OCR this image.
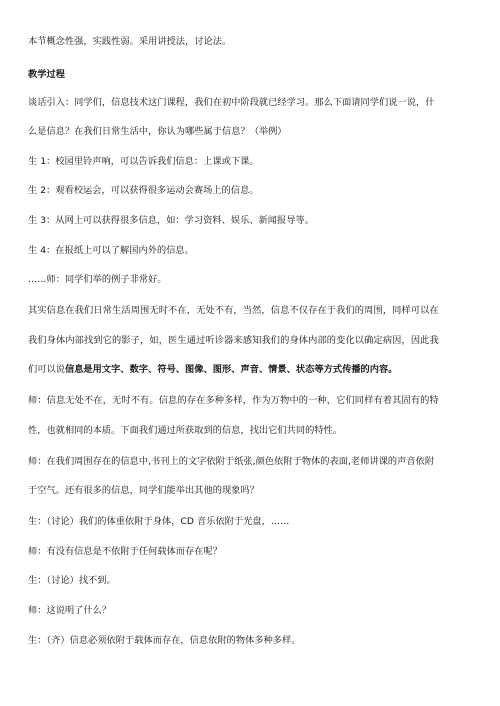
本节概念性强，实践性弱。采用讲授法，讨论法。
教学过程
谈话引入：同学们，信息技术这门课程，我们在初中阶段就已经学习。那么下面请同学们说一说，什
么是信息？在我们日常生活中，你认为哪些属于信息？（举例）
生 1：校园里铃声响，可以告诉我们信息：上课或下课。
生 2：观看校运会，可以获得很多运动会赛场上的信息。
生 3：从网上可以获得很多信息，如：学习资料、娱乐、新闻报导等。
生 4：在报纸上可以了解国内外的信息。
……师：同学们举的例子非常好。
其实信息在我们日常生活周围无时不在，无处不有，当然，信息不仅存在于我们的周围，同样可以在
我们身体内部找到它的影子，如，医生通过听诊器来感知我们的身体内部的变化以确定病因，因此我
们可以说信息是用文字、数字、符号、图像、图形、声音、情景、状态等方式传播的内容。
师：信息无处不在，无时不有。信息的存在多种多样，作为万物中的一种，它们同样有着其固有的特
性，也就相同的本质。下面我们通过所获取到的信息，找出它们共同的特性。
师：在我们周围存在的信息中,书刊上的文字依附于纸张,颜色依附于物体的表面,老师讲课的声音依附
于空气。还有很多的信息，同学们能举出其他的现象吗？
生：（讨论）我们的体重依附于身体，CD 音乐依附于光盘，……
师：有没有信息是不依附于任何载体而存在呢？
生：（讨论）找不到。
师：这说明了什么？
生：（齐）信息必须依附于载体而存在，信息依附的物体多种多样。
